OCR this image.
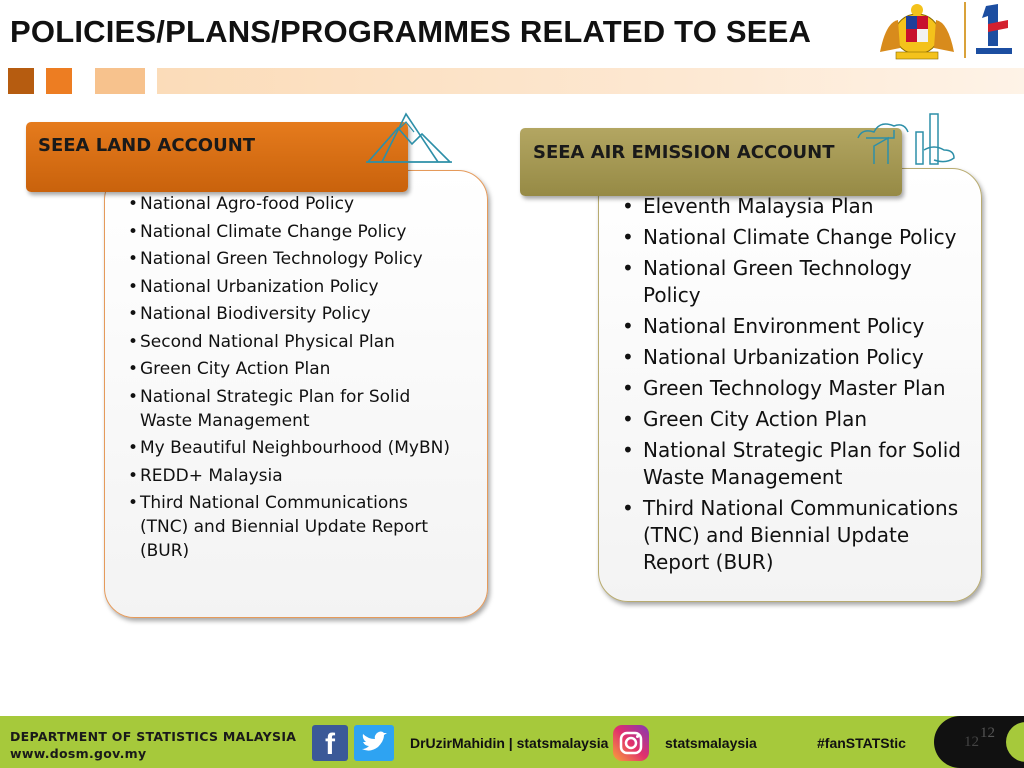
POLICIES/PLANS/PROGRAMMES RELATED TO SEEA
SEEA LAND ACCOUNT
• National Agro-food Policy
• National Climate Change Policy
• National Green Technology Policy
• National Urbanization Policy
• National Biodiversity Policy
• Second National Physical Plan
• Green City Action Plan
• National Strategic Plan for Solid Waste Management
• My Beautiful Neighbourhood (MyBN)
• REDD+ Malaysia
• Third National Communications (TNC) and Biennial Update Report (BUR)
SEEA AIR EMISSION ACCOUNT
• Eleventh Malaysia Plan
• National Climate Change Policy
• National Green Technology Policy
• National Environment Policy
• National Urbanization Policy
• Green Technology Master Plan
• Green City Action Plan
• National Strategic Plan for Solid Waste Management
• Third National Communications (TNC) and Biennial Update Report (BUR)
DEPARTMENT OF STATISTICS MALAYSIA
www.dosm.gov.my	f	DrUzirMahidin | statsmalaysia	statsmalaysia	#fanSTATStic	12
12
